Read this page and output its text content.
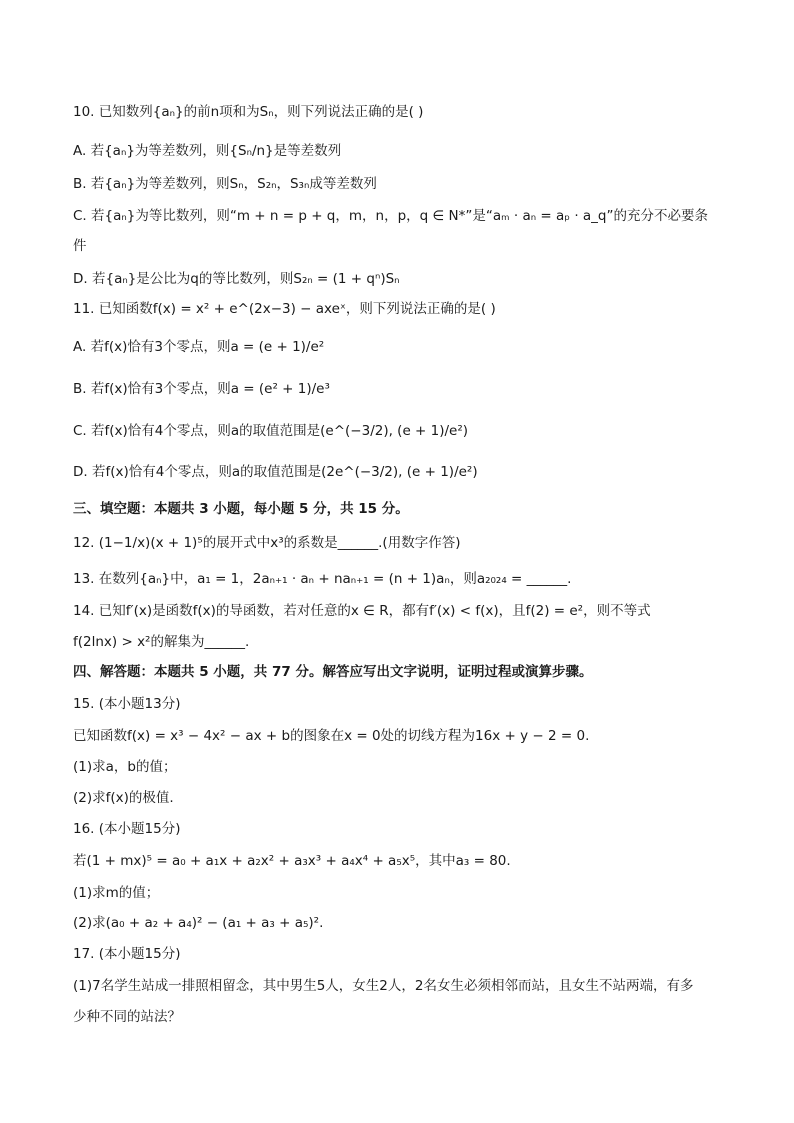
10. 已知数列{aₙ}的前n项和为Sₙ，则下列说法正确的是( )
A. 若{aₙ}为等差数列，则{Sₙ/n}是等差数列
B. 若{aₙ}为等差数列，则Sₙ，S₂ₙ，S₃ₙ成等差数列
C. 若{aₙ}为等比数列，则“m + n = p + q，m，n，p，q ∈ N*”是“aₘ · aₙ = aₚ · a_q”的充分不必要条
件
D. 若{aₙ}是公比为q的等比数列，则S₂ₙ = (1 + qⁿ)Sₙ
11. 已知函数f(x) = x² + e^(2x−3) − axeˣ，则下列说法正确的是( )
A. 若f(x)恰有3个零点，则a = (e + 1)/e²
B. 若f(x)恰有3个零点，则a = (e² + 1)/e³
C. 若f(x)恰有4个零点，则a的取值范围是(e^(−3/2), (e + 1)/e²)
D. 若f(x)恰有4个零点，则a的取值范围是(2e^(−3/2), (e + 1)/e²)
三、填空题：本题共 3 小题，每小题 5 分，共 15 分。
12. (1−1/x)(x + 1)⁵的展开式中x³的系数是______.(用数字作答)
13. 在数列{aₙ}中，a₁ = 1，2aₙ₊₁ · aₙ + naₙ₊₁ = (n + 1)aₙ，则a₂₀₂₄ = ______.
14. 已知f′(x)是函数f(x)的导函数，若对任意的x ∈ R，都有f′(x) < f(x)，且f(2) = e²，则不等式
f(2lnx) > x²的解集为______.
四、解答题：本题共 5 小题，共 77 分。解答应写出文字说明，证明过程或演算步骤。
15. (本小题13分)
已知函数f(x) = x³ − 4x² − ax + b的图象在x = 0处的切线方程为16x + y − 2 = 0.
(1)求a，b的值；
(2)求f(x)的极值.
16. (本小题15分)
若(1 + mx)⁵ = a₀ + a₁x + a₂x² + a₃x³ + a₄x⁴ + a₅x⁵，其中a₃ = 80.
(1)求m的值；
(2)求(a₀ + a₂ + a₄)² − (a₁ + a₃ + a₅)².
17. (本小题15分)
(1)7名学生站成一排照相留念，其中男生5人，女生2人，2名女生必须相邻而站，且女生不站两端，有多
少种不同的站法？
